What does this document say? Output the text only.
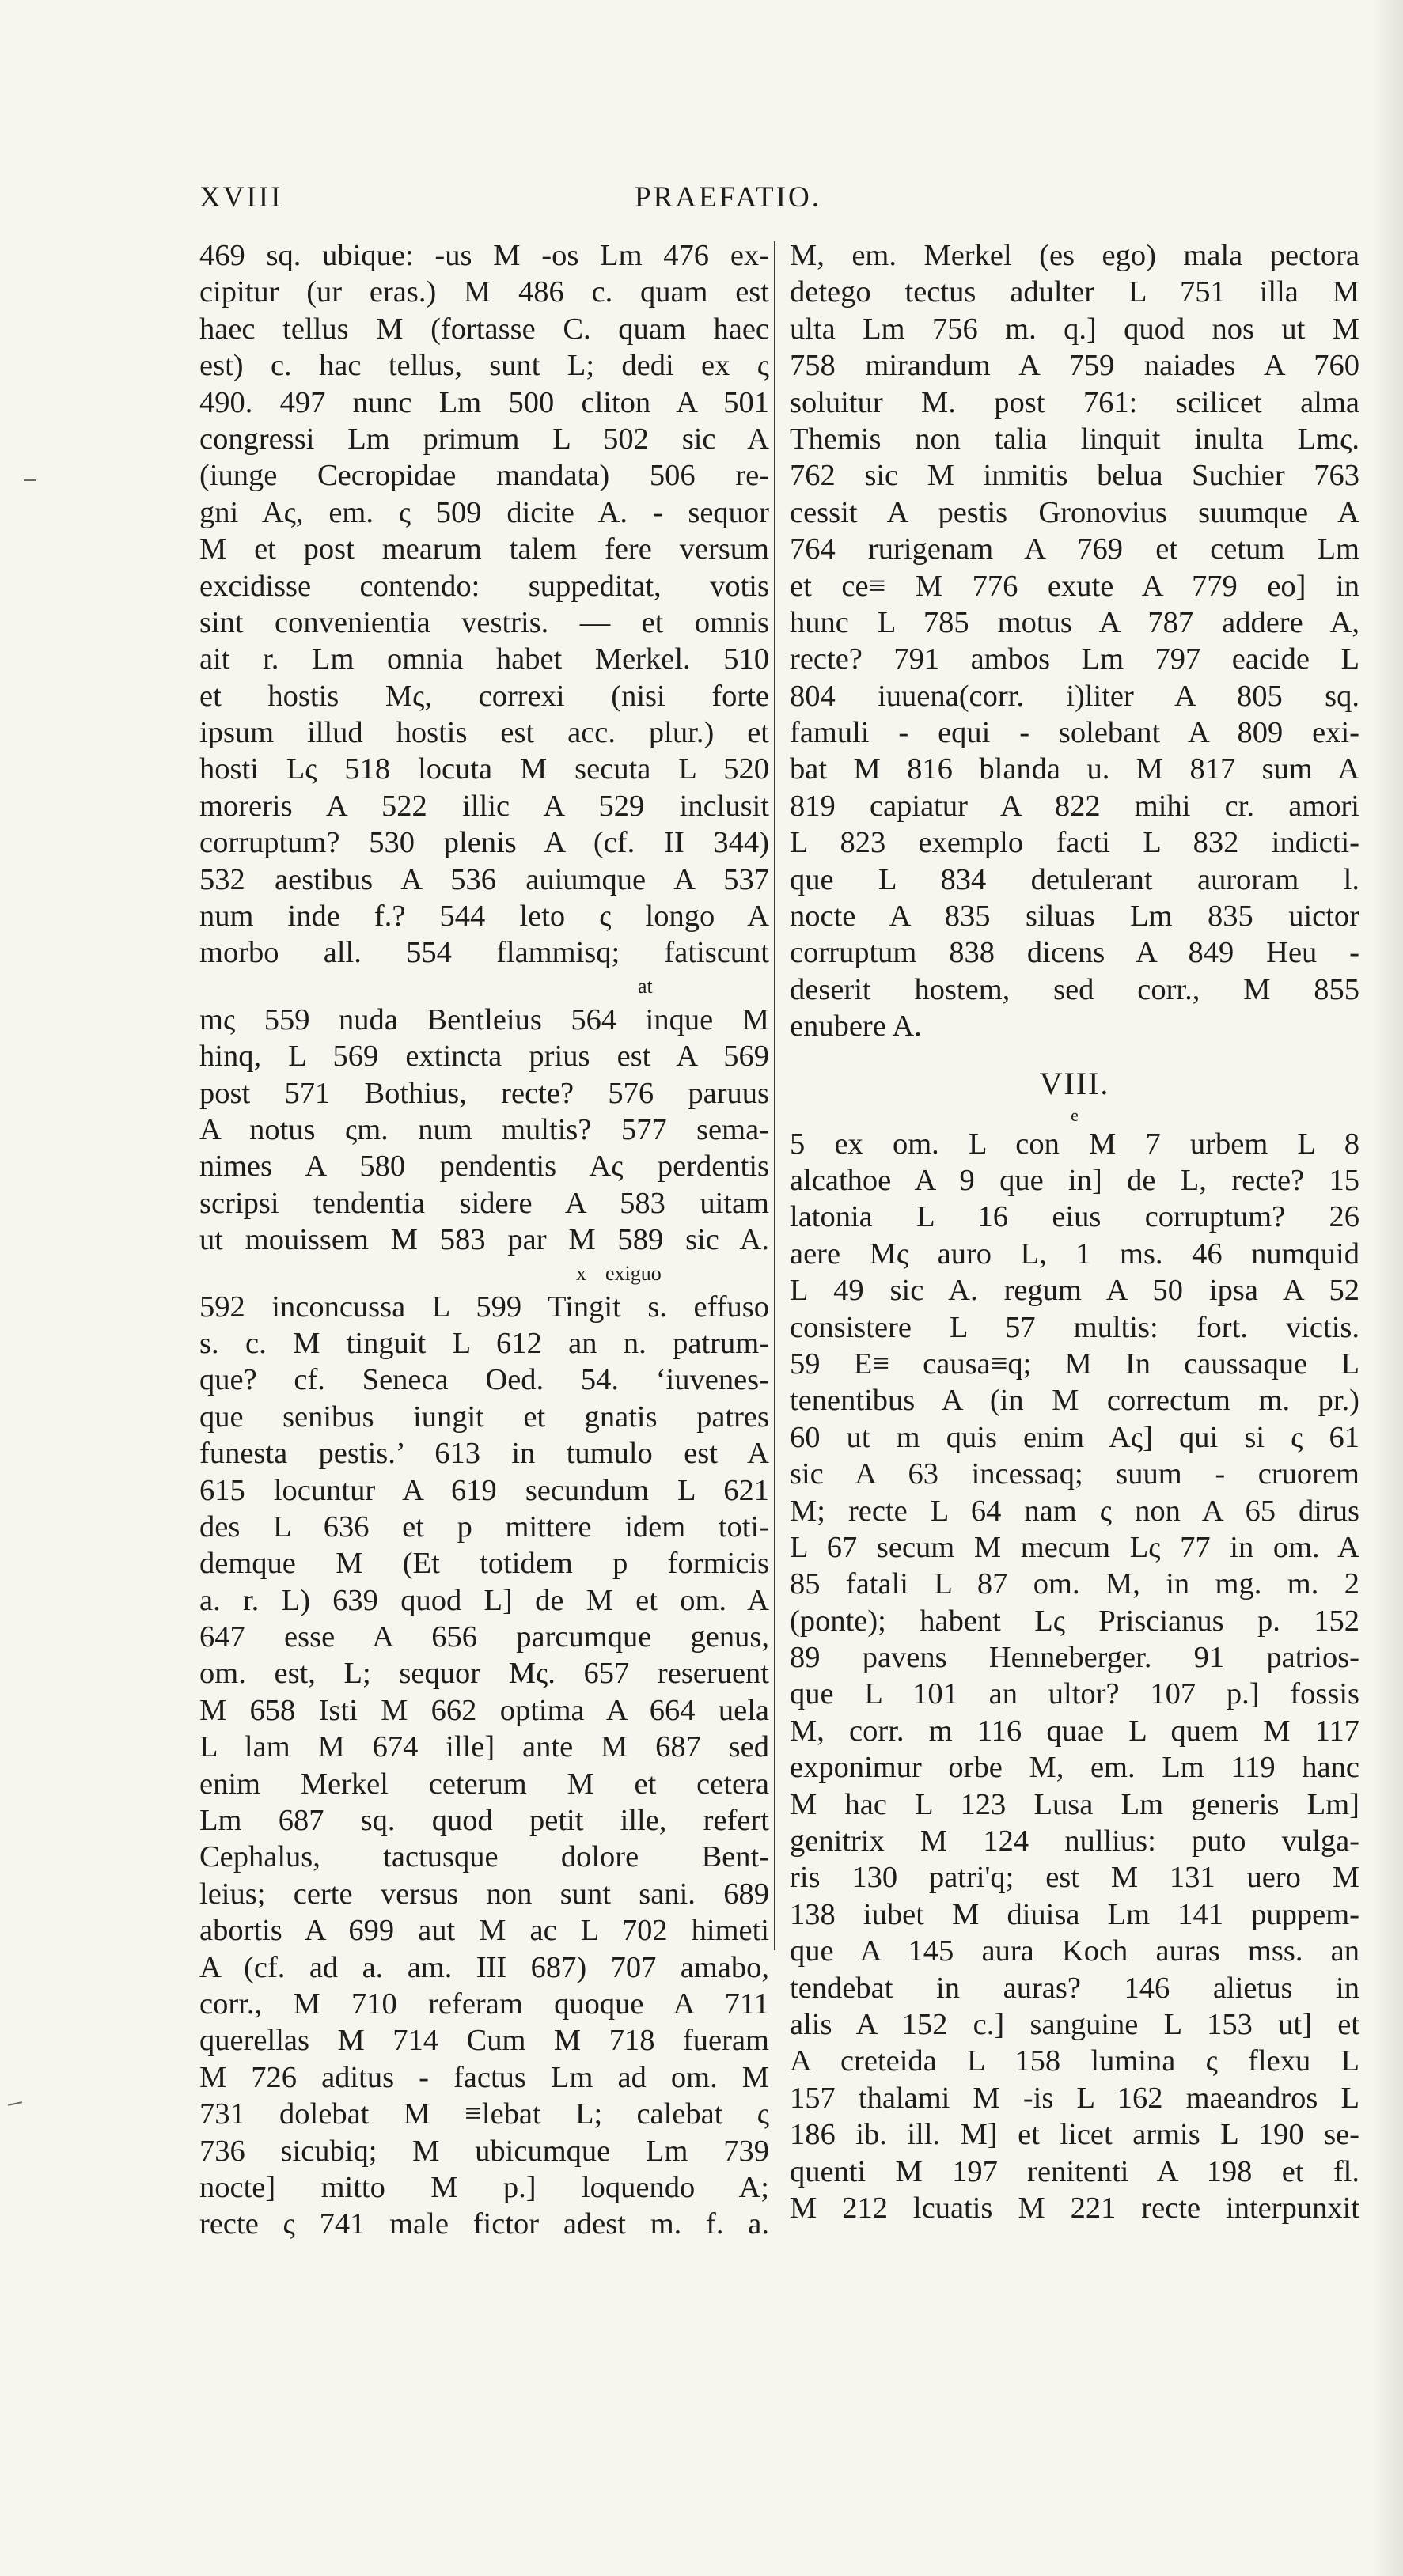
XVIII	PRAEFATIO.
469 sq. ubique: -us M -os Lm 476 ex-
cipitur (ur eras.) M 486 c. quam est
haec tellus M (fortasse C. quam haec
est) c. hac tellus, sunt L; dedi ex ς
490. 497 nunc Lm 500 cliton A 501
congressi Lm primum L 502 sic A
(iunge Cecropidae mandata) 506 re-
gni Aς, em. ς 509 dicite A. - sequor
M et post mearum talem fere versum
excidisse contendo: suppeditat, votis
sint convenientia vestris. — et omnis
ait r. Lm omnia habet Merkel. 510
et hostis Mς, correxi (nisi forte
ipsum illud hostis est acc. plur.) et
hosti Lς 518 locuta M secuta L 520
moreris A 522 illic A 529 inclusit
corruptum? 530 plenis A (cf. II 344)
532 aestibus A 536 auiumque A 537
num inde f.? 544 leto ς longo A
morbo all. 554 flammisq; fatiscunt
at
mς 559 nuda Bentleius 564 inque M
hinq, L 569 extincta prius est A 569
post 571 Bothius, recte? 576 paruus
A notus ςm. num multis? 577 sema-
nimes A 580 pendentis Aς perdentis
scripsi tendentia sidere A 583 uitam
ut mouissem M 583 par M 589 sic A.
x exiguo
592 inconcussa L 599 Tingit s. effuso
s. c. M tinguit L 612 an n. patrum-
que? cf. Seneca Oed. 54. ‘iuvenes-
que senibus iungit et gnatis patres
funesta pestis.’ 613 in tumulo est A
615 locuntur A 619 secundum L 621
des L 636 et p mittere idem toti-
demque M (Et totidem p formicis
a. r. L) 639 quod L] de M et om. A
647 esse A 656 parcumque genus,
om. est, L; sequor Mς. 657 reseruent
M 658 Isti M 662 optima A 664 uela
L lam M 674 ille] ante M 687 sed
enim Merkel ceterum M et cetera
Lm 687 sq. quod petit ille, refert
Cephalus, tactusque dolore Bent-
leius; certe versus non sunt sani. 689
abortis A 699 aut M ac L 702 himeti
A (cf. ad a. am. III 687) 707 amabo,
corr., M 710 referam quoque A 711
querellas M 714 Cum M 718 fueram
M 726 aditus - factus Lm ad om. M
731 dolebat M ≡lebat L; calebat ς
736 sicubiq; M ubicumque Lm 739
nocte] mitto M p.] loquendo A;
recte ς 741 male fictor adest m. f. a.
M, em. Merkel (es ego) mala pectora
detego tectus adulter L 751 illa M
ulta Lm 756 m. q.] quod nos ut M
758 mirandum A 759 naiades A 760
soluitur M. post 761: scilicet alma
Themis non talia linquit inulta Lmς.
762 sic M inmitis belua Suchier 763
cessit A pestis Gronovius suumque A
764 rurigenam A 769 et cetum Lm
et ce≡ M 776 exute A 779 eo] in
hunc L 785 motus A 787 addere A,
recte? 791 ambos Lm 797 eacide L
804 iuuena(corr. i)liter A 805 sq.
famuli - equi - solebant A 809 exi-
bat M 816 blanda u. M 817 sum A
819 capiatur A 822 mihi cr. amori
L 823 exemplo facti L 832 indicti-
que L 834 detulerant auroram l.
nocte A 835 siluas Lm 835 uictor
corruptum 838 dicens A 849 Heu -
deserit hostem, sed corr., M 855
enubere A.
VIII.
e
5 ex om. L con M 7 urbem L 8
alcathoe A 9 que in] de L, recte? 15
latonia L 16 eius corruptum? 26
aere Mς auro L, 1 ms. 46 numquid
L 49 sic A. regum A 50 ipsa A 52
consistere L 57 multis: fort. victis.
59 E≡ causa≡q; M In caussaque L
tenentibus A (in M correctum m. pr.)
60 ut m quis enim Aς] qui si ς 61
sic A 63 incessaq; suum - cruorem
M; recte L 64 nam ς non A 65 dirus
L 67 secum M mecum Lς 77 in om. A
85 fatali L 87 om. M, in mg. m. 2
(ponte); habent Lς Priscianus p. 152
89 pavens Henneberger. 91 patrios-
que L 101 an ultor? 107 p.] fossis
M, corr. m 116 quae L quem M 117
exponimur orbe M, em. Lm 119 hanc
M hac L 123 Lusa Lm generis Lm]
genitrix M 124 nullius: puto vulga-
ris 130 patri'q; est M 131 uero M
138 iubet M diuisa Lm 141 puppem-
que A 145 aura Koch auras mss. an
tendebat in auras? 146 alietus in
alis A 152 c.] sanguine L 153 ut] et
A creteida L 158 lumina ς flexu L
157 thalami M -is L 162 maeandros L
186 ib. ill. M] et licet armis L 190 se-
quenti M 197 renitenti A 198 et fl.
M 212 lcuatis M 221 recte interpunxit
